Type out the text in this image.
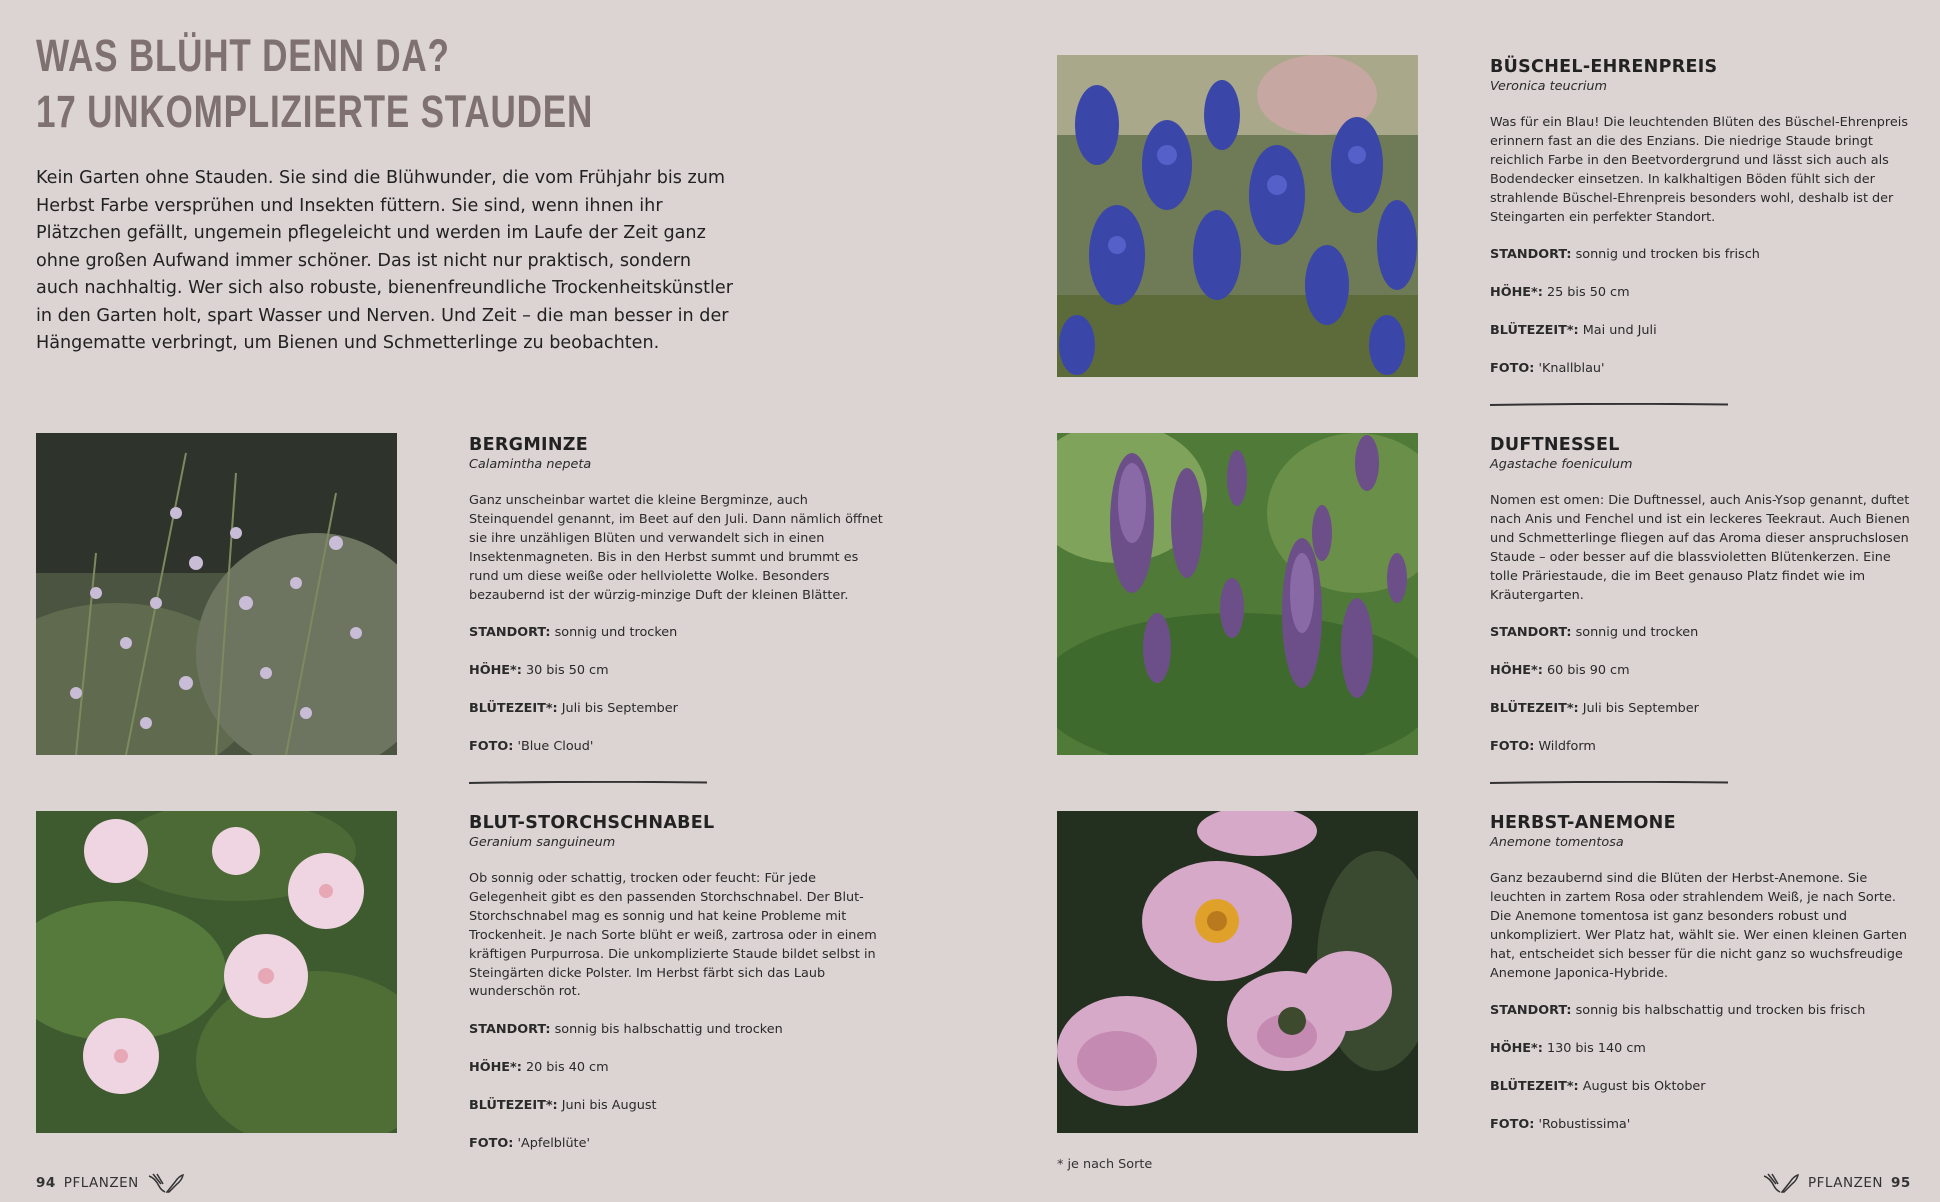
WAS BLÜHT DENN DA?
17 UNKOMPLIZIERTE STAUDEN

Kein Garten ohne Stauden. Sie sind die Blühwunder, die vom Frühjahr bis zum Herbst Farbe versprühen und Insekten füttern. Sie sind, wenn ihnen ihr Plätzchen gefällt, ungemein pflegeleicht und werden im Laufe der Zeit ganz ohne großen Aufwand immer schöner. Das ist nicht nur praktisch, sondern auch nachhaltig. Wer sich also robuste, bienenfreundliche Trockenheitskünstler in den Garten holt, spart Wasser und Nerven. Und Zeit – die man besser in der Hängematte verbringt, um Bienen und Schmetterlinge zu beobachten.

BERGMINZE
Calamintha nepeta

Ganz unscheinbar wartet die kleine Bergminze, auch Steinquendel genannt, im Beet auf den Juli. Dann nämlich öffnet sie ihre unzähligen Blüten und verwandelt sich in einen Insektenmagneten. Bis in den Herbst summt und brummt es rund um diese weiße oder hellviolette Wolke. Besonders bezaubernd ist der würzig-minzige Duft der kleinen Blätter.

STANDORT: sonnig und trocken

HÖHE*: 30 bis 50 cm

BLÜTEZEIT*: Juli bis September

FOTO: 'Blue Cloud'

BLUT-STORCHSCHNABEL
Geranium sanguineum

Ob sonnig oder schattig, trocken oder feucht: Für jede Gelegenheit gibt es den passenden Storchschnabel. Der Blut-Storchschnabel mag es sonnig und hat keine Probleme mit Trockenheit. Je nach Sorte blüht er weiß, zartrosa oder in einem kräftigen Purpurrosa. Die unkomplizierte Staude bildet selbst in Steingärten dicke Polster. Im Herbst färbt sich das Laub wunderschön rot.

STANDORT: sonnig bis halbschattig und trocken

HÖHE*: 20 bis 40 cm

BLÜTEZEIT*: Juni bis August

FOTO: 'Apfelblüte'

BÜSCHEL-EHRENPREIS
Veronica teucrium

Was für ein Blau! Die leuchtenden Blüten des Büschel-Ehrenpreis erinnern fast an die des Enzians. Die niedrige Staude bringt reichlich Farbe in den Beetvordergrund und lässt sich auch als Bodendecker einsetzen. In kalkhaltigen Böden fühlt sich der strahlende Büschel-Ehrenpreis besonders wohl, deshalb ist der Steingarten ein perfekter Standort.

STANDORT: sonnig und trocken bis frisch

HÖHE*: 25 bis 50 cm

BLÜTEZEIT*: Mai und Juli

FOTO: 'Knallblau'

DUFTNESSEL
Agastache foeniculum

Nomen est omen: Die Duftnessel, auch Anis-Ysop genannt, duftet nach Anis und Fenchel und ist ein leckeres Teekraut. Auch Bienen und Schmetterlinge fliegen auf das Aroma dieser anspruchslosen Staude – oder besser auf die blassvioletten Blütenkerzen. Eine tolle Präriestaude, die im Beet genauso Platz findet wie im Kräutergarten.

STANDORT: sonnig und trocken

HÖHE*: 60 bis 90 cm

BLÜTEZEIT*: Juli bis September

FOTO: Wildform

HERBST-ANEMONE
Anemone tomentosa

Ganz bezaubernd sind die Blüten der Herbst-Anemone. Sie leuchten in zartem Rosa oder strahlendem Weiß, je nach Sorte. Die Anemone tomentosa ist ganz besonders robust und unkompliziert. Wer Platz hat, wählt sie. Wer einen kleinen Garten hat, entscheidet sich besser für die nicht ganz so wuchsfreudige Anemone Japonica-Hybride.

STANDORT: sonnig bis halbschattig und trocken bis frisch

HÖHE*: 130 bis 140 cm

BLÜTEZEIT*: August bis Oktober

FOTO: 'Robustissima'

* je nach Sorte
94 PFLANZEN	PFLANZEN 95
